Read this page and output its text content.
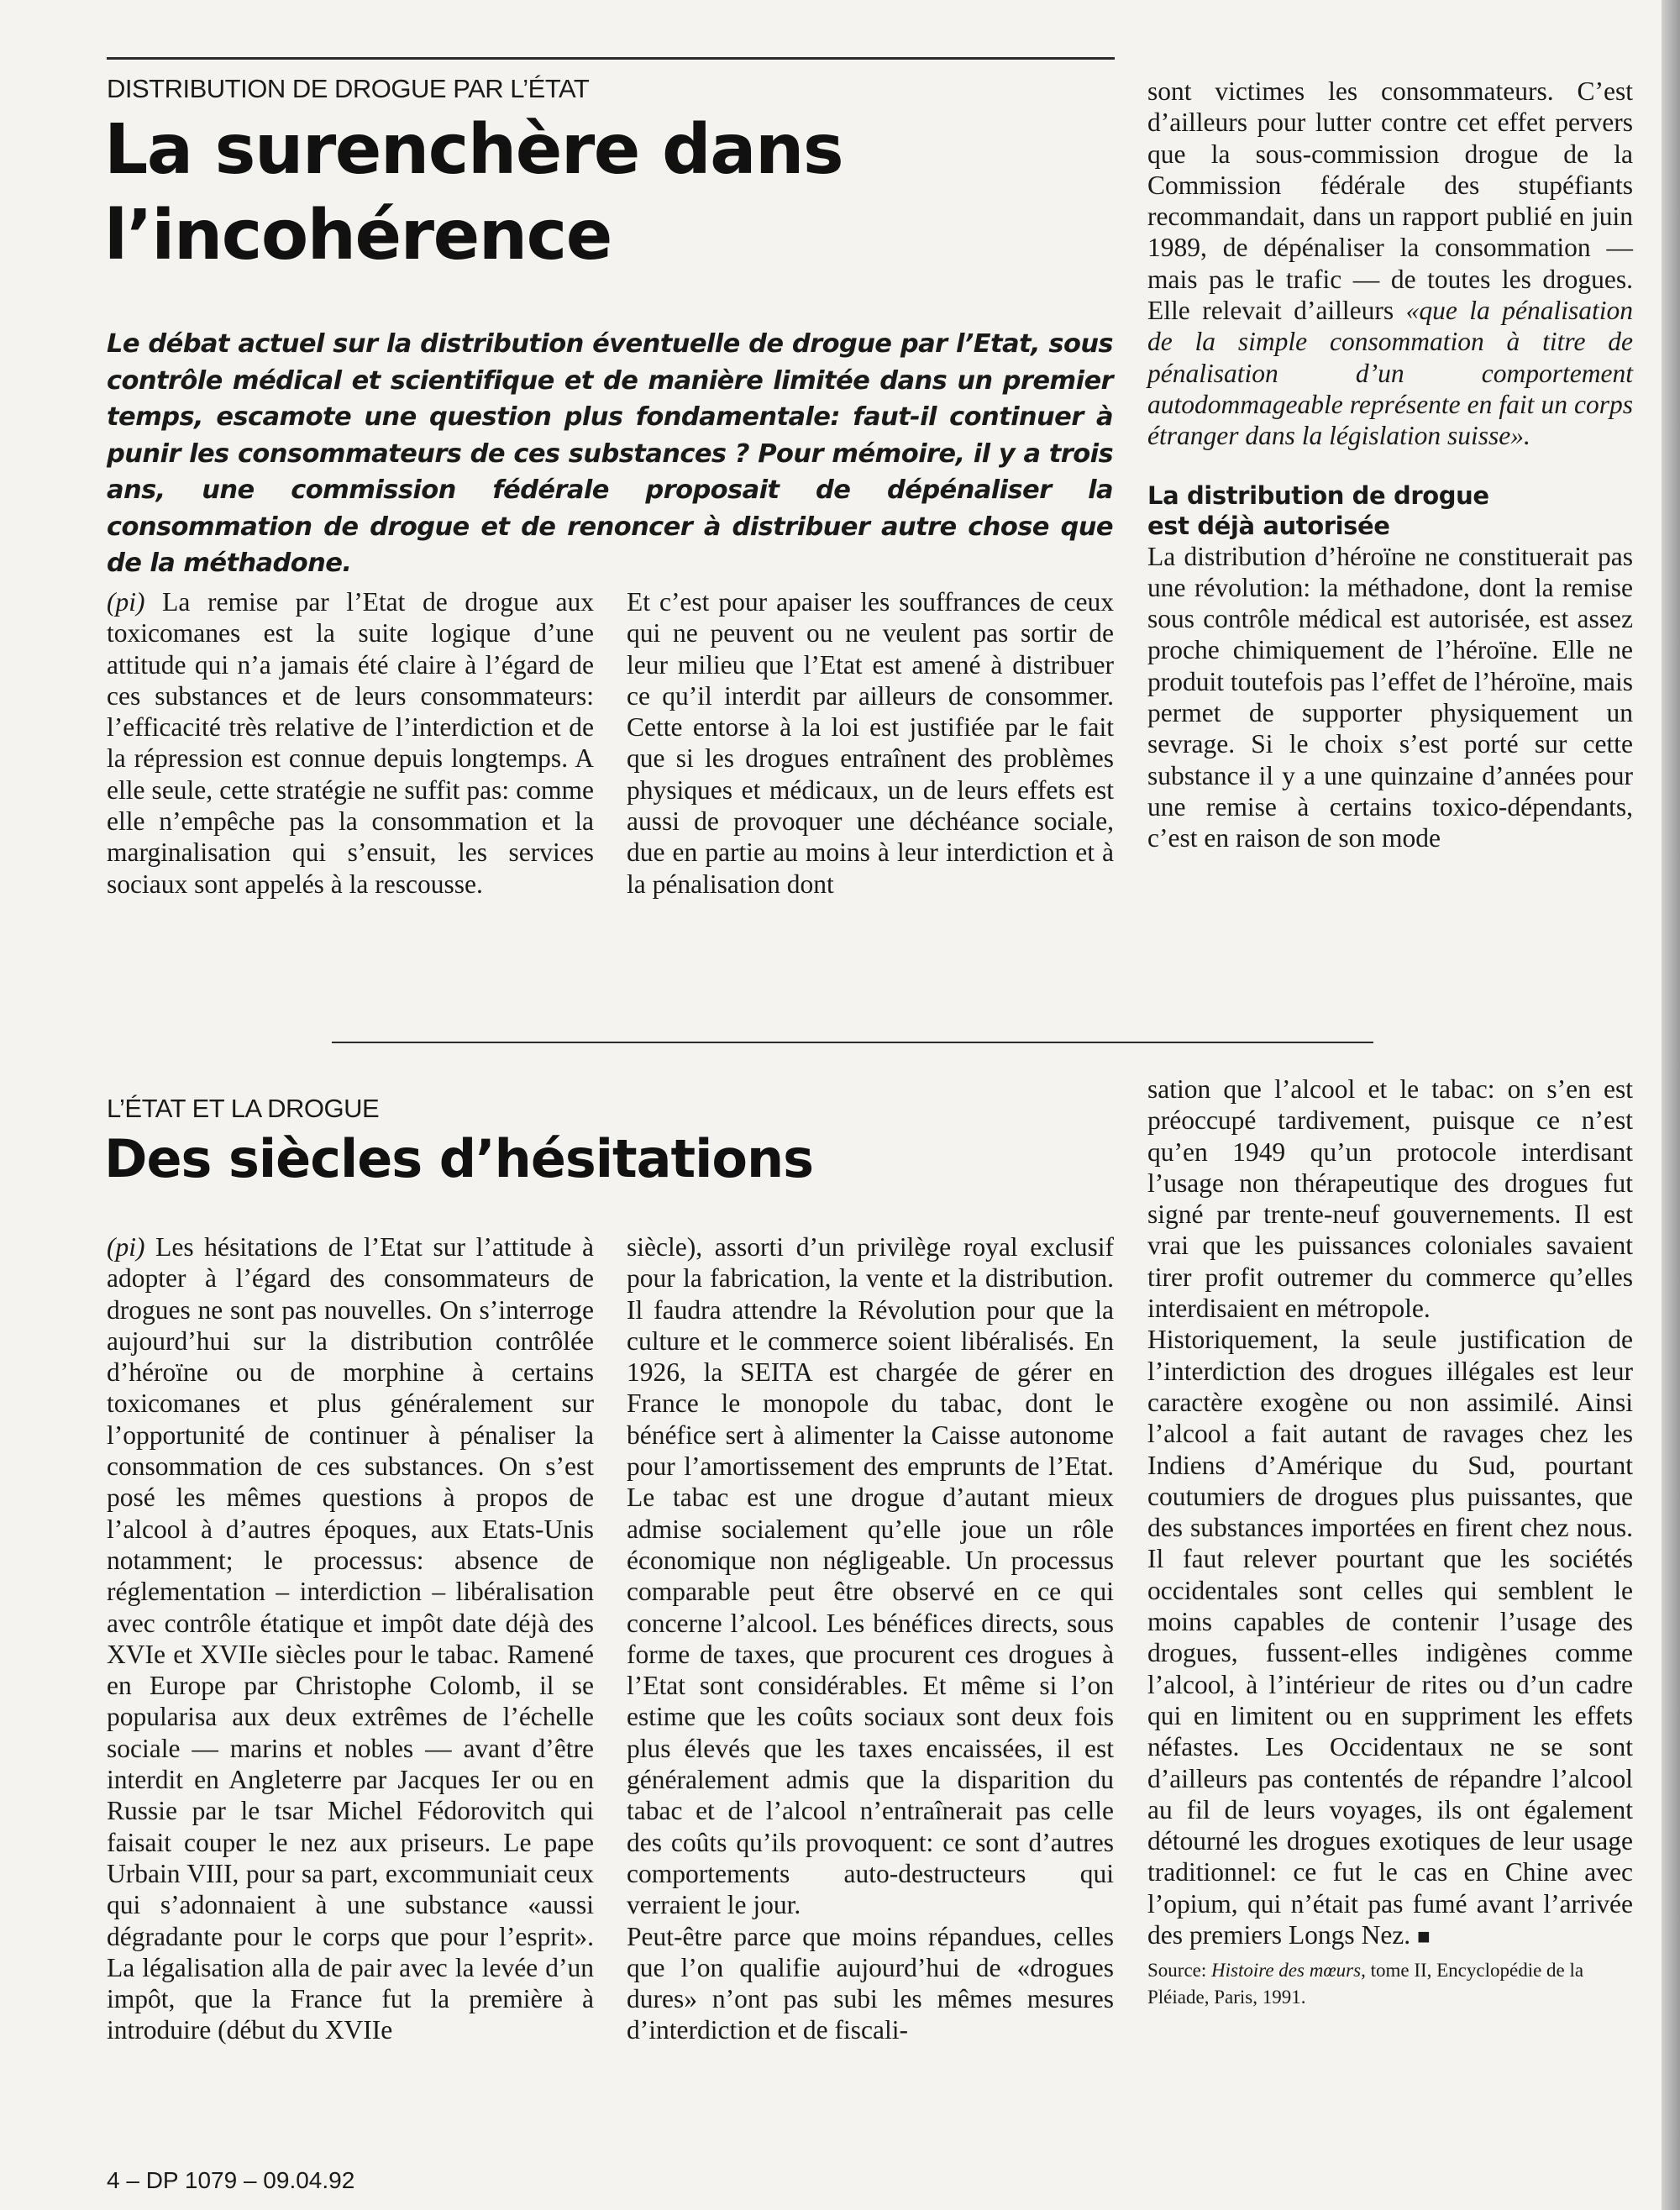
DISTRIBUTION DE DROGUE PAR L’ÉTAT
La surenchère dans
l’incohérence
Le débat actuel sur la distribution éventuelle de drogue par l’Etat, sous contrôle médical et scientifique et de manière limitée dans un premier temps, escamote une question plus fondamentale: faut-il continuer à punir les consommateurs de ces substances ? Pour mémoire, il y a trois ans, une commission fédérale proposait de dépénaliser la consommation de drogue et de renoncer à distribuer autre chose que de la méthadone.

(pi) La remise par l’Etat de drogue aux toxicomanes est la suite logique d’une attitude qui n’a jamais été claire à l’égard de ces substances et de leurs consommateurs: l’efficacité très relative de l’interdiction et de la répression est connue depuis longtemps. A elle seule, cette stratégie ne suffit pas: comme elle n’empêche pas la consommation et la marginalisation qui s’ensuit, les services sociaux sont appelés à la rescousse.

Et c’est pour apaiser les souffrances de ceux qui ne peuvent ou ne veulent pas sortir de leur milieu que l’Etat est amené à distribuer ce qu’il interdit par ailleurs de consommer. Cette entorse à la loi est justifiée par le fait que si les drogues entraînent des problèmes physiques et médicaux, un de leurs effets est aussi de provoquer une déchéance sociale, due en partie au moins à leur interdiction et à la pénalisation dont

sont victimes les consommateurs. C’est d’ailleurs pour lutter contre cet effet pervers que la sous-commission drogue de la Commission fédérale des stupéfiants recommandait, dans un rapport publié en juin 1989, de dépénaliser la consommation — mais pas le trafic — de toutes les drogues. Elle relevait d’ailleurs «que la pénalisation de la simple consommation à titre de pénalisation d’un comportement autodommageable représente en fait un corps étranger dans la législation suisse».

La distribution de drogue
est déjà autorisée

La distribution d’héroïne ne constituerait pas une révolution: la méthadone, dont la remise sous contrôle médical est autorisée, est assez proche chimiquement de l’héroïne. Elle ne produit toutefois pas l’effet de l’héroïne, mais permet de supporter physiquement un sevrage. Si le choix s’est porté sur cette substance il y a une quinzaine d’années pour une remise à certains toxico-dépendants, c’est en raison de son mode

L’ÉTAT ET LA DROGUE
Des siècles d’hésitations

(pi) Les hésitations de l’Etat sur l’attitude à adopter à l’égard des consommateurs de drogues ne sont pas nouvelles. On s’interroge aujourd’hui sur la distribution contrôlée d’héroïne ou de morphine à certains toxicomanes et plus généralement sur l’opportunité de continuer à pénaliser la consommation de ces substances. On s’est posé les mêmes questions à propos de l’alcool à d’autres époques, aux Etats-Unis notamment; le processus: absence de réglementation – interdiction – libéralisation avec contrôle étatique et impôt date déjà des XVIe et XVIIe siècles pour le tabac. Ramené en Europe par Christophe Colomb, il se popularisa aux deux extrêmes de l’échelle sociale — marins et nobles — avant d’être interdit en Angleterre par Jacques Ier ou en Russie par le tsar Michel Fédorovitch qui faisait couper le nez aux priseurs. Le pape Urbain VIII, pour sa part, excommuniait ceux qui s’adonnaient à une substance «aussi dégradante pour le corps que pour l’esprit». La légalisation alla de pair avec la levée d’un impôt, que la France fut la première à introduire (début du XVIIe

siècle), assorti d’un privilège royal exclusif pour la fabrication, la vente et la distribution. Il faudra attendre la Révolution pour que la culture et le commerce soient libéralisés. En 1926, la SEITA est chargée de gérer en France le monopole du tabac, dont le bénéfice sert à alimenter la Caisse autonome pour l’amortissement des emprunts de l’Etat. Le tabac est une drogue d’autant mieux admise socialement qu’elle joue un rôle économique non négligeable. Un processus comparable peut être observé en ce qui concerne l’alcool. Les bénéfices directs, sous forme de taxes, que procurent ces drogues à l’Etat sont considérables. Et même si l’on estime que les coûts sociaux sont deux fois plus élevés que les taxes encaissées, il est généralement admis que la disparition du tabac et de l’alcool n’entraînerait pas celle des coûts qu’ils provoquent: ce sont d’autres comportements auto-destructeurs qui verraient le jour.

Peut-être parce que moins répandues, celles que l’on qualifie aujourd’hui de «drogues dures» n’ont pas subi les mêmes mesures d’interdiction et de fiscali-

sation que l’alcool et le tabac: on s’en est préoccupé tardivement, puisque ce n’est qu’en 1949 qu’un protocole interdisant l’usage non thérapeutique des drogues fut signé par trente-neuf gouvernements. Il est vrai que les puissances coloniales savaient tirer profit outremer du commerce qu’elles interdisaient en métropole.

Historiquement, la seule justification de l’interdiction des drogues illégales est leur caractère exogène ou non assimilé. Ainsi l’alcool a fait autant de ravages chez les Indiens d’Amérique du Sud, pourtant coutumiers de drogues plus puissantes, que des substances importées en firent chez nous. Il faut relever pourtant que les sociétés occidentales sont celles qui semblent le moins capables de contenir l’usage des drogues, fussent-elles indigènes comme l’alcool, à l’intérieur de rites ou d’un cadre qui en limitent ou en suppriment les effets néfastes. Les Occidentaux ne se sont d’ailleurs pas contentés de répandre l’alcool au fil de leurs voyages, ils ont également détourné les drogues exotiques de leur usage traditionnel: ce fut le cas en Chine avec l’opium, qui n’était pas fumé avant l’arrivée des premiers Longs Nez. ■

Source: Histoire des mœurs, tome II, Encyclopédie de la Pléiade, Paris, 1991.
4 – DP 1079 – 09.04.92
